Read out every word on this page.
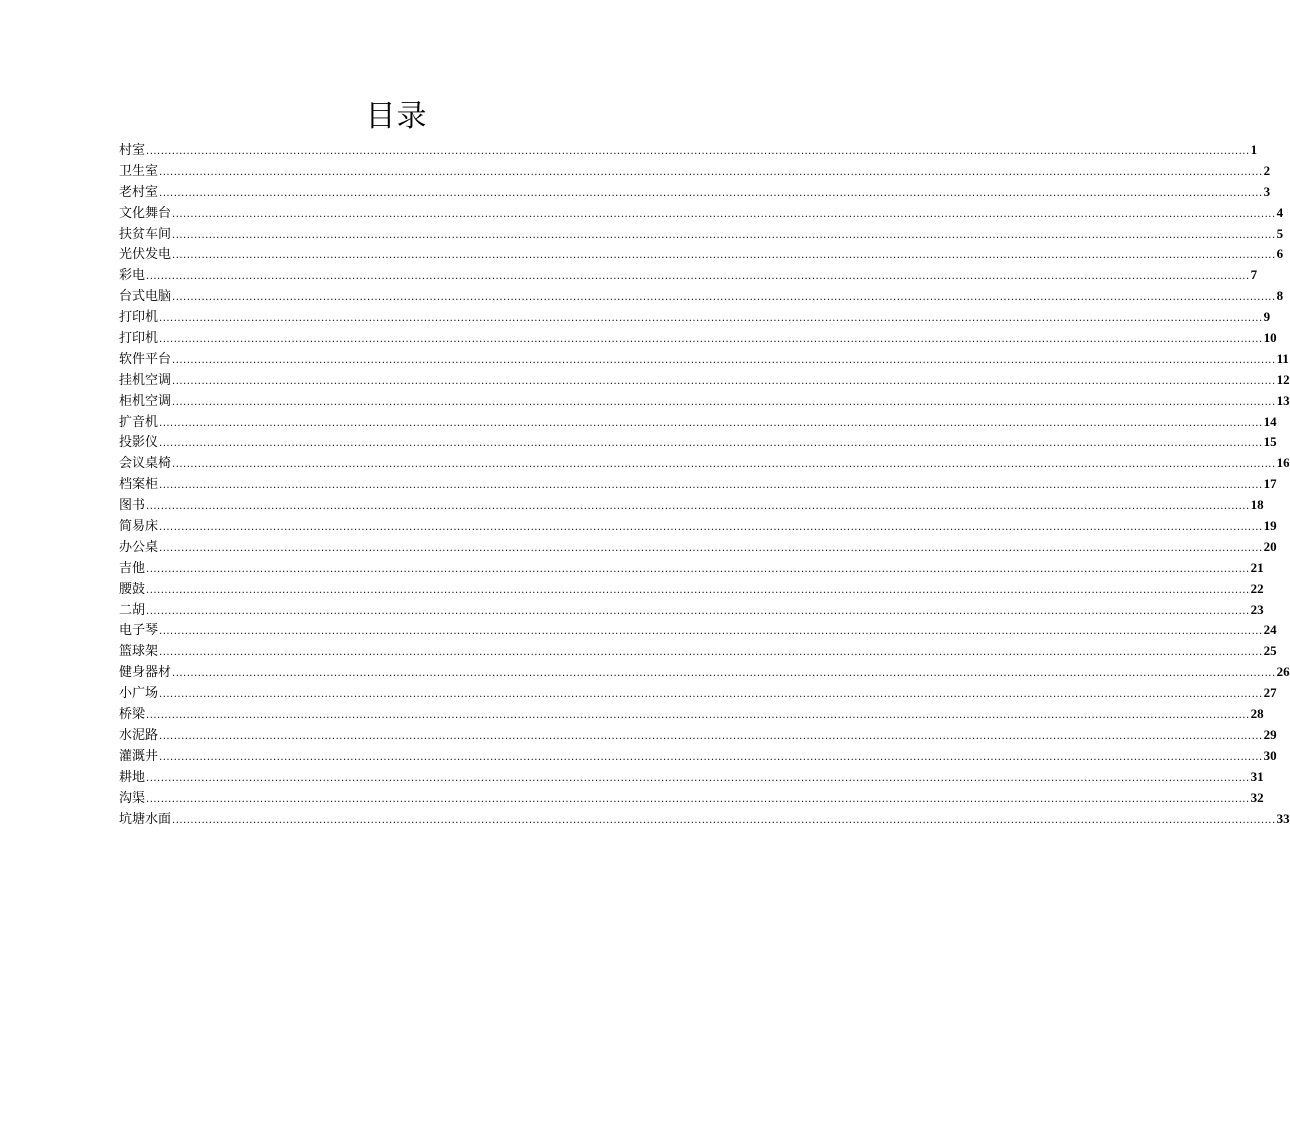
目录
村室 ............................................................................................................................................................................................................................................................................................................ 1
卫生室 ............................................................................................................................................................................................................................................................................................................ 2
老村室 ............................................................................................................................................................................................................................................................................................................ 3
文化舞台 ............................................................................................................................................................................................................................................................................................................ 4
扶贫车间 ............................................................................................................................................................................................................................................................................................................ 5
光伏发电 ............................................................................................................................................................................................................................................................................................................ 6
彩电 ............................................................................................................................................................................................................................................................................................................ 7
台式电脑 ............................................................................................................................................................................................................................................................................................................ 8
打印机 ............................................................................................................................................................................................................................................................................................................ 9
打印机 ............................................................................................................................................................................................................................................................................................................ 10
软件平台 ............................................................................................................................................................................................................................................................................................................ 11
挂机空调 ............................................................................................................................................................................................................................................................................................................ 12
柜机空调 ............................................................................................................................................................................................................................................................................................................ 13
扩音机 ............................................................................................................................................................................................................................................................................................................ 14
投影仪 ............................................................................................................................................................................................................................................................................................................ 15
会议桌椅 ............................................................................................................................................................................................................................................................................................................ 16
档案柜 ............................................................................................................................................................................................................................................................................................................ 17
图书 ............................................................................................................................................................................................................................................................................................................ 18
简易床 ............................................................................................................................................................................................................................................................................................................ 19
办公桌 ............................................................................................................................................................................................................................................................................................................ 20
吉他 ............................................................................................................................................................................................................................................................................................................ 21
腰鼓 ............................................................................................................................................................................................................................................................................................................ 22
二胡 ............................................................................................................................................................................................................................................................................................................ 23
电子琴 ............................................................................................................................................................................................................................................................................................................ 24
篮球架 ............................................................................................................................................................................................................................................................................................................ 25
健身器材 ............................................................................................................................................................................................................................................................................................................ 26
小广场 ............................................................................................................................................................................................................................................................................................................ 27
桥梁 ............................................................................................................................................................................................................................................................................................................ 28
水泥路 ............................................................................................................................................................................................................................................................................................................ 29
灌溉井 ............................................................................................................................................................................................................................................................................................................ 30
耕地 ............................................................................................................................................................................................................................................................................................................ 31
沟渠 ............................................................................................................................................................................................................................................................................................................ 32
坑塘水面 ............................................................................................................................................................................................................................................................................................................ 33
